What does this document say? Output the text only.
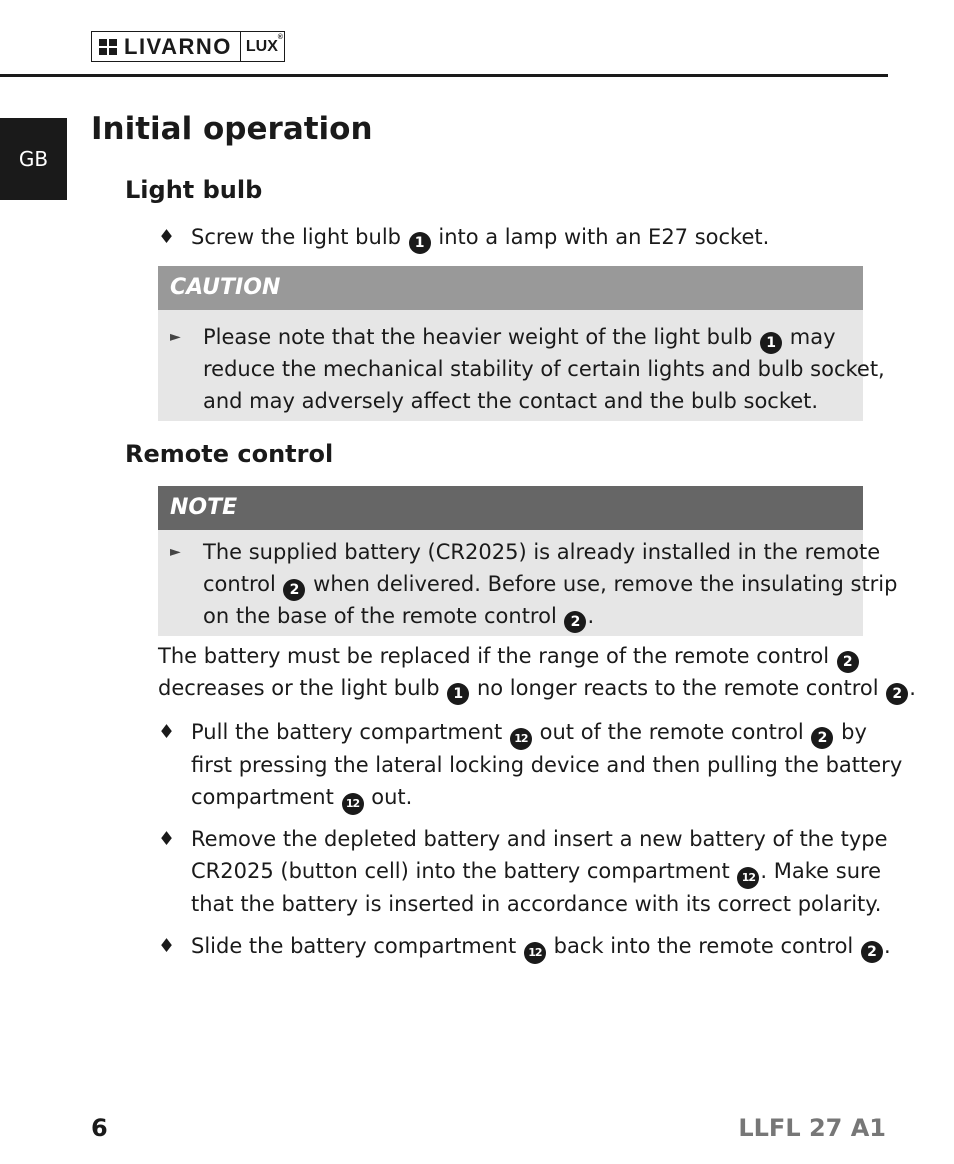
LIVARNO LUX®
GB
Initial operation
Light bulb
♦ Screw the light bulb 1 into a lamp with an E27 socket.

CAUTION
► Please note that the heavier weight of the light bulb 1 may
reduce the mechanical stability of certain lights and bulb socket,
and may adversely affect the contact and the bulb socket.

Remote control
NOTE
► The supplied battery (CR2025) is already installed in the remote
control 2 when delivered. Before use, remove the insulating strip
on the base of the remote control 2 .

The battery must be replaced if the range of the remote control 2
decreases or the light bulb 1 no longer reacts to the remote control 2 .

♦ Pull the battery compartment 12 out of the remote control 2 by
first pressing the lateral locking device and then pulling the battery
compartment 12 out.

♦ Remove the depleted battery and insert a new battery of the type
CR2025 (button cell) into the battery compartment 12 . Make sure
that the battery is inserted in accordance with its correct polarity.

♦ Slide the battery compartment 12 back into the remote control 2 .

6	LLFL 27 A1
